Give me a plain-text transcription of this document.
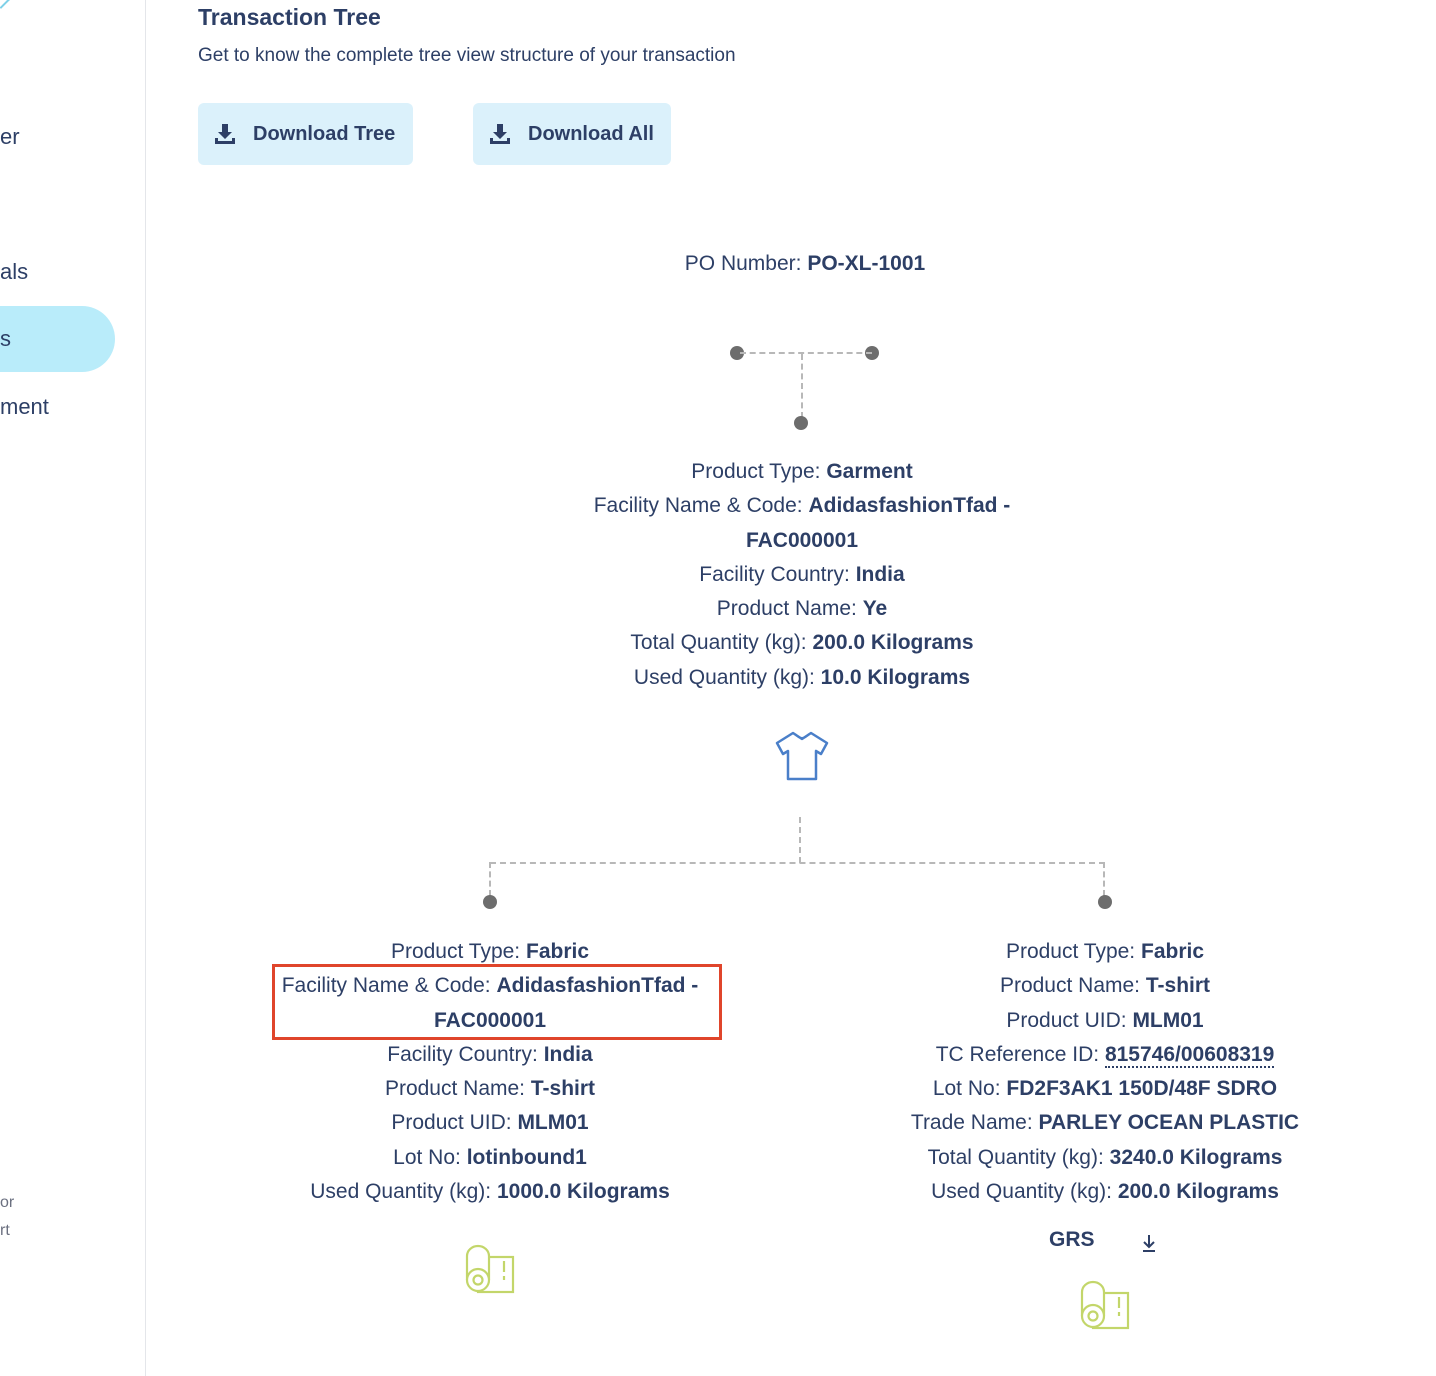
er
als
s
ment
or
rt
Transaction Tree
Get to know the complete tree view structure of your transaction
Download Tree	Download All
PO Number: PO-XL-1001
Product Type: Garment
Facility Name & Code: AdidasfashionTfad -
FAC000001
Facility Country: India
Product Name: Ye
Total Quantity (kg): 200.0 Kilograms
Used Quantity (kg): 10.0 Kilograms
Product Type: Fabric
Facility Name & Code: AdidasfashionTfad -
FAC000001
Facility Country: India
Product Name: T-shirt
Product UID: MLM01
Lot No: lotinbound1
Used Quantity (kg): 1000.0 Kilograms
Product Type: Fabric
Product Name: T-shirt
Product UID: MLM01
TC Reference ID: 815746/00608319
Lot No: FD2F3AK1 150D/48F SDRO
Trade Name: PARLEY OCEAN PLASTIC
Total Quantity (kg): 3240.0 Kilograms
Used Quantity (kg): 200.0 Kilograms
GRS
